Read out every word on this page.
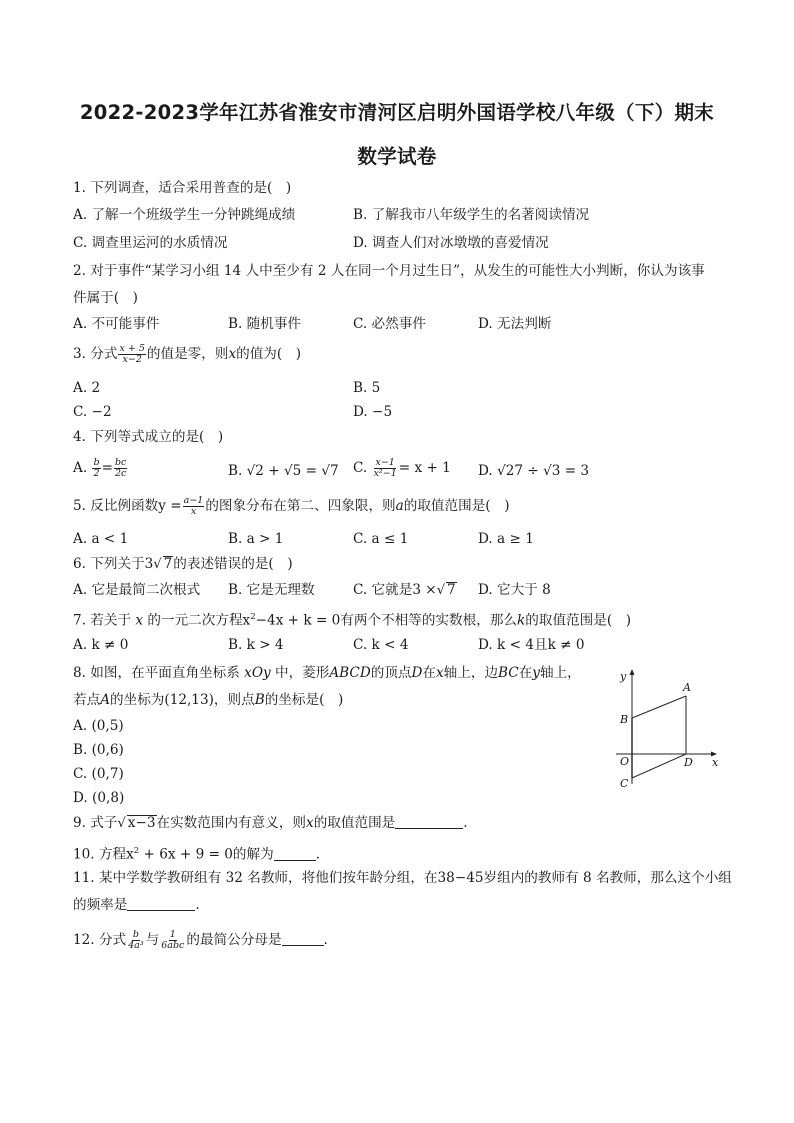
2022-2023学年江苏省淮安市清河区启明外国语学校八年级（下）期末
数学试卷
1. 下列调查，适合采用普查的是(　)
A. 了解一个班级学生一分钟跳绳成绩	B. 了解我市八年级学生的名著阅读情况
C. 调查里运河的水质情况	D. 调查人们对冰墩墩的喜爱情况
2. 对于事件“某学习小组 14 人中至少有 2 人在同一个月过生日”，从发生的可能性大小判断，你认为该事
件属于(　)
A. 不可能事件	B. 随机事件	C. 必然事件	D. 无法判断
3. 分式 $\frac{x + 5}{x-2}$ 的值是零，则x的值为(　)
A. 2	B. 5
C. −2	D. −5
4. 下列等式成立的是(　)
A. $\frac{b}{2} = \frac{bc}{2c}$	B. √2 + √5 = √7 C. $\frac{x-1}{\text{x²−1}} = x + 1$ D. √27 ÷ √3 = 3
5. 反比例函数$y = \frac{a-1}{x}$ 的图象分布在第二、四象限，则a的取值范围是(　)
A. a < 1	B. a > 1	C. a ≤ 1	D. a ≥ 1
6. 下列关于3√ 7的表述错误的是(　)
A. 它是最简二次根式 B. 它是无理数	C. 它就是3 ×√ 7 D. 它大于 8
7. 若关于 x 的一元二次方程$x^2-4x + k = 0$有两个不相等的实数根，那么k的取值范围是(　)
A. k ≠ 0	B. k > 4	C. k < 4	D. k < 4且k ≠ 0
8. 如图，在平面直角坐标系 xOy 中，菱形ABCD的顶点D在x轴上，边BC在y轴上，
若点A的坐标为(12,13)，则点B的坐标是(　)
A. (0,5)
B. (0,6)
C. (0,7)
D. (0,8)
y
x
A
B
O	D
C
9. 式子√ x−3在实数范围内有意义，则x的取值范围是	.
10. 方程$x^2 + 6x + 9 = 0$的解为	.
11. 某中学数学教研组有 32 名教师，将他们按年龄分组，在38−45岁组内的教师有 8 名教师，那么这个小组
的频率是	.
12. 分式 $\frac{b}{\text{4a³}}$ 与 $\frac{1}{\text{6abc}}$ 的最简公分母是	.
